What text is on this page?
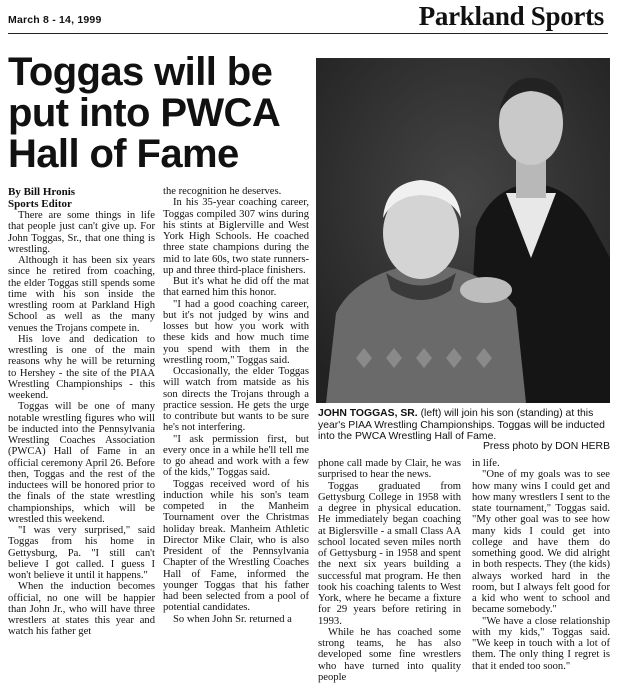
March 8 - 14, 1999	Parkland Sports
Toggas will be
put into PWCA
Hall of Fame
By Bill Hronis
Sports Editor

There are some things in life that people just can't give up. For John Toggas, Sr., that one thing is wrestling.

Although it has been six years since he retired from coaching, the elder Toggas still spends some time with his son inside the wrestling room at Parkland High School as well as the many venues the Trojans compete in.

His love and dedication to wrestling is one of the main reasons why he will be returning to Hershey - the site of the PIAA Wrestling Championships - this weekend.

Toggas will be one of many notable wrestling figures who will be inducted into the Pennsylvania Wrestling Coaches Association (PWCA) Hall of Fame in an official ceremony April 26. Before then, Toggas and the rest of the inductees will be honored prior to the finals of the state wrestling championships, which will be wrestled this weekend.

"I was very surprised," said Toggas from his home in Gettysburg, Pa. "I still can't believe I got called. I guess I won't believe it until it happens."

When the induction becomes official, no one will be happier than John Jr., who will have three wrestlers at states this year and watch his father get

the recognition he deserves.

In his 35-year coaching career, Toggas compiled 307 wins during his stints at Biglerville and West York High Schools. He coached three state champions during the mid to late 60s, two state runners-up and three third-place finishers.

But it's what he did off the mat that earned him this honor.

"I had a good coaching career, but it's not judged by wins and losses but how you work with these kids and how much time you spend with them in the wrestling room," Toggas said.

Occasionally, the elder Toggas will watch from matside as his son directs the Trojans through a practice session. He gets the urge to contribute but wants to be sure he's not interfering.

"I ask permission first, but every once in a while he'll tell me to go ahead and work with a few of the kids," Toggas said.

Toggas received word of his induction while his son's team competed in the Manheim Tournament over the Christmas holiday break. Manheim Athletic Director Mike Clair, who is also President of the Pennsylvania Chapter of the Wrestling Coaches Hall of Fame, informed the younger Toggas that his father had been selected from a pool of potential candidates.

So when John Sr. returned a

JOHN TOGGAS, SR. (left) will join his son (standing) at this year's PIAA Wrestling Championships. Toggas will be inducted into the PWCA Wrestling Hall of Fame.
Press photo by DON HERB

phone call made by Clair, he was surprised to hear the news.

Toggas graduated from Gettysburg College in 1958 with a degree in physical education. He immediately began coaching at Biglersville - a small Class AA school located seven miles north of Gettysburg - in 1958 and spent the next six years building a successful mat program. He then took his coaching talents to West York, where he became a fixture for 29 years before retiring in 1993.

While he has coached some strong teams, he has also developed some fine wrestlers who have turned into quality people

in life.

"One of my goals was to see how many wins I could get and how many wrestlers I sent to the state tournament," Toggas said. "My other goal was to see how many kids I could get into college and have them do something good. We did alright in both respects. They (the kids) always worked hard in the room, but I always felt good for a kid who went to school and became somebody."

"We have a close relationship with my kids," Toggas said. "We keep in touch with a lot of them. The only thing I regret is that it ended too soon."
